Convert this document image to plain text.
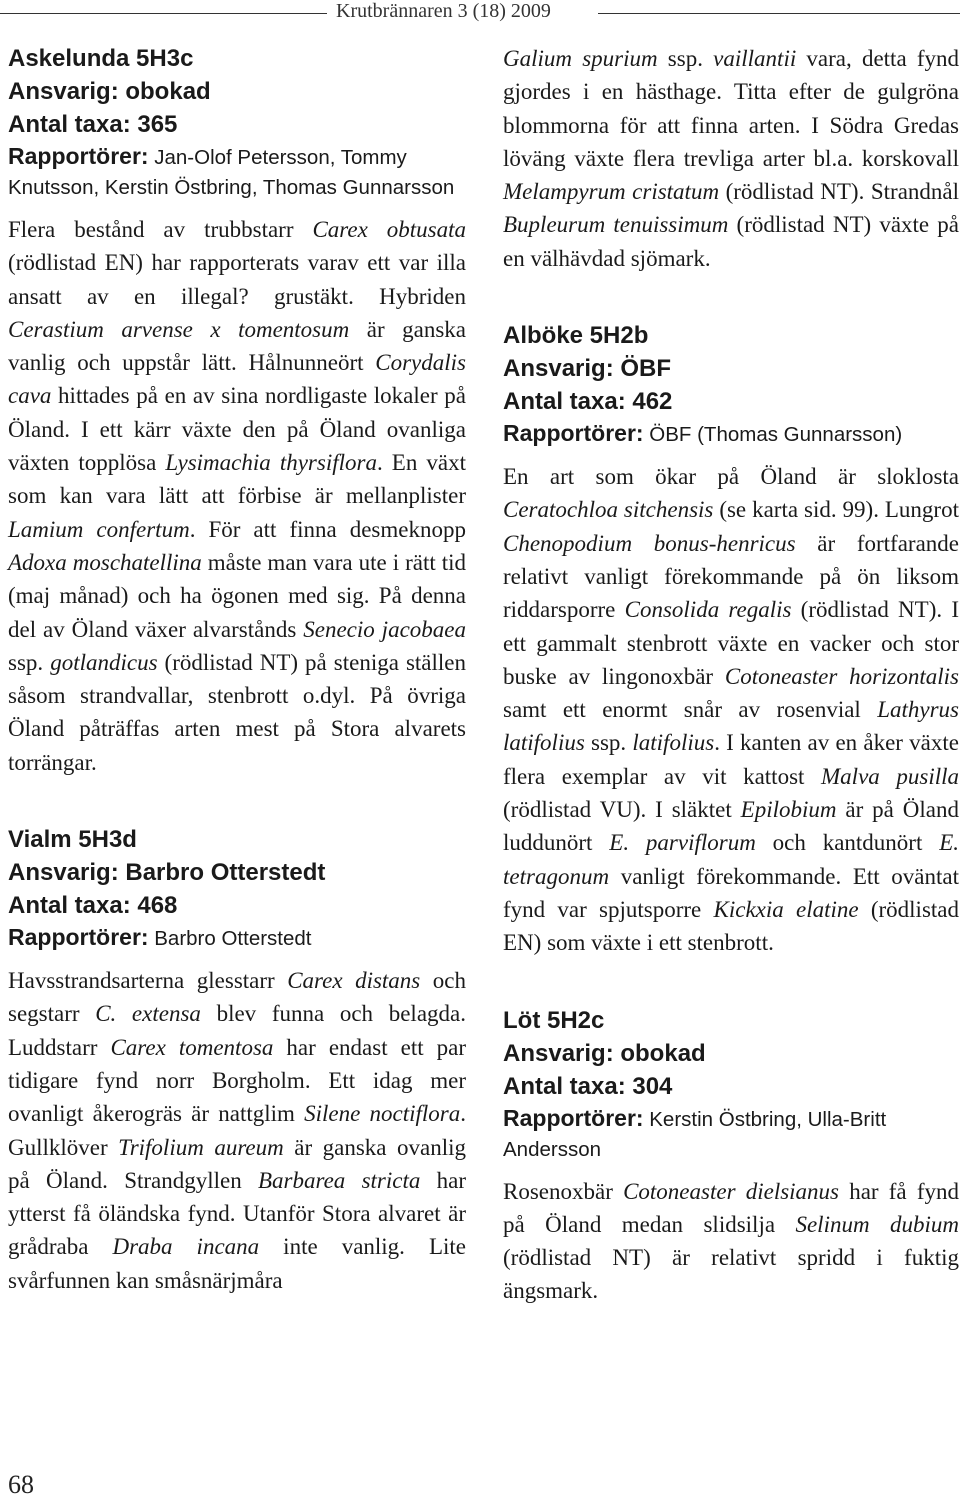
Krutbrännaren 3 (18) 2009
Askelunda 5H3c
Ansvarig: obokad
Antal taxa: 365

Rapportörer: Jan-Olof Petersson, Tommy Knutsson, Kerstin Östbring, Thomas Gunnarsson

Flera bestånd av trubbstarr Carex obtusata (rödlistad EN) har rapporterats varav ett var illa ansatt av en illegal? grustäkt. Hybriden Cerastium arvense x tomentosum är ganska vanlig och uppstår lätt. Hålnunneört Corydalis cava hittades på en av sina nordligaste lokaler på Öland. I ett kärr växte den på Öland ovanliga växten topplösa Lysimachia thyrsiflora. En växt som kan vara lätt att förbise är mellanplister Lamium confertum. För att finna desmeknopp Adoxa moschatellina måste man vara ute i rätt tid (maj månad) och ha ögonen med sig. På denna del av Öland växer alvarstånds Senecio jacobaea ssp. gotlandicus (rödlistad NT) på steniga ställen såsom strandvallar, stenbrott o.dyl. På övriga Öland påträffas arten mest på Stora alvarets torrängar.

Vialm 5H3d
Ansvarig: Barbro Otterstedt
Antal taxa: 468

Rapportörer: Barbro Otterstedt

Havsstrandsarterna glesstarr Carex distans och segstarr C. extensa blev funna och belagda. Luddstarr Carex tomentosa har endast ett par tidigare fynd norr Borgholm. Ett idag mer ovanligt åkerogräs är nattglim Silene noctiflora. Gullklöver Trifolium aureum är ganska ovanlig på Öland. Strandgyllen Barbarea stricta har ytterst få öländska fynd. Utanför Stora alvaret är grådraba Draba incana inte vanlig. Lite svårfunnen kan småsnärjmåra

68

Galium spurium ssp. vaillantii vara, detta fynd gjordes i en hästhage. Titta efter de gulgröna blommorna för att finna arten. I Södra Gredas löväng växte flera trevliga arter bl.a. korskovall Melampyrum cristatum (rödlistad NT). Strandnål Bupleurum tenuissimum (rödlistad NT) växte på en välhävdad sjömark.

Alböke 5H2b
Ansvarig: ÖBF
Antal taxa: 462

Rapportörer: ÖBF (Thomas Gunnarsson)

En art som ökar på Öland är sloklosta Ceratochloa sitchensis (se karta sid. 99). Lungrot Chenopodium bonus-henricus är fortfarande relativt vanligt förekommande på ön liksom riddarsporre Consolida regalis (rödlistad NT). I ett gammalt stenbrott växte en vacker och stor buske av lingonoxbär Cotoneaster horizontalis samt ett enormt snår av rosenvial Lathyrus latifolius ssp. latifolius. I kanten av en åker växte flera exemplar av vit kattost Malva pusilla (rödlistad VU). I släktet Epilobium är på Öland luddunört E. parviflorum och kantdunört E. tetragonum vanligt förekommande. Ett oväntat fynd var spjutsporre Kickxia elatine (rödlistad EN) som växte i ett stenbrott.

Löt 5H2c
Ansvarig: obokad
Antal taxa: 304

Rapportörer: Kerstin Östbring, Ulla-Britt Andersson

Rosenoxbär Cotoneaster dielsianus har få fynd på Öland medan slidsilja Selinum dubium (rödlistad NT) är relativt spridd i fuktig ängsmark.
